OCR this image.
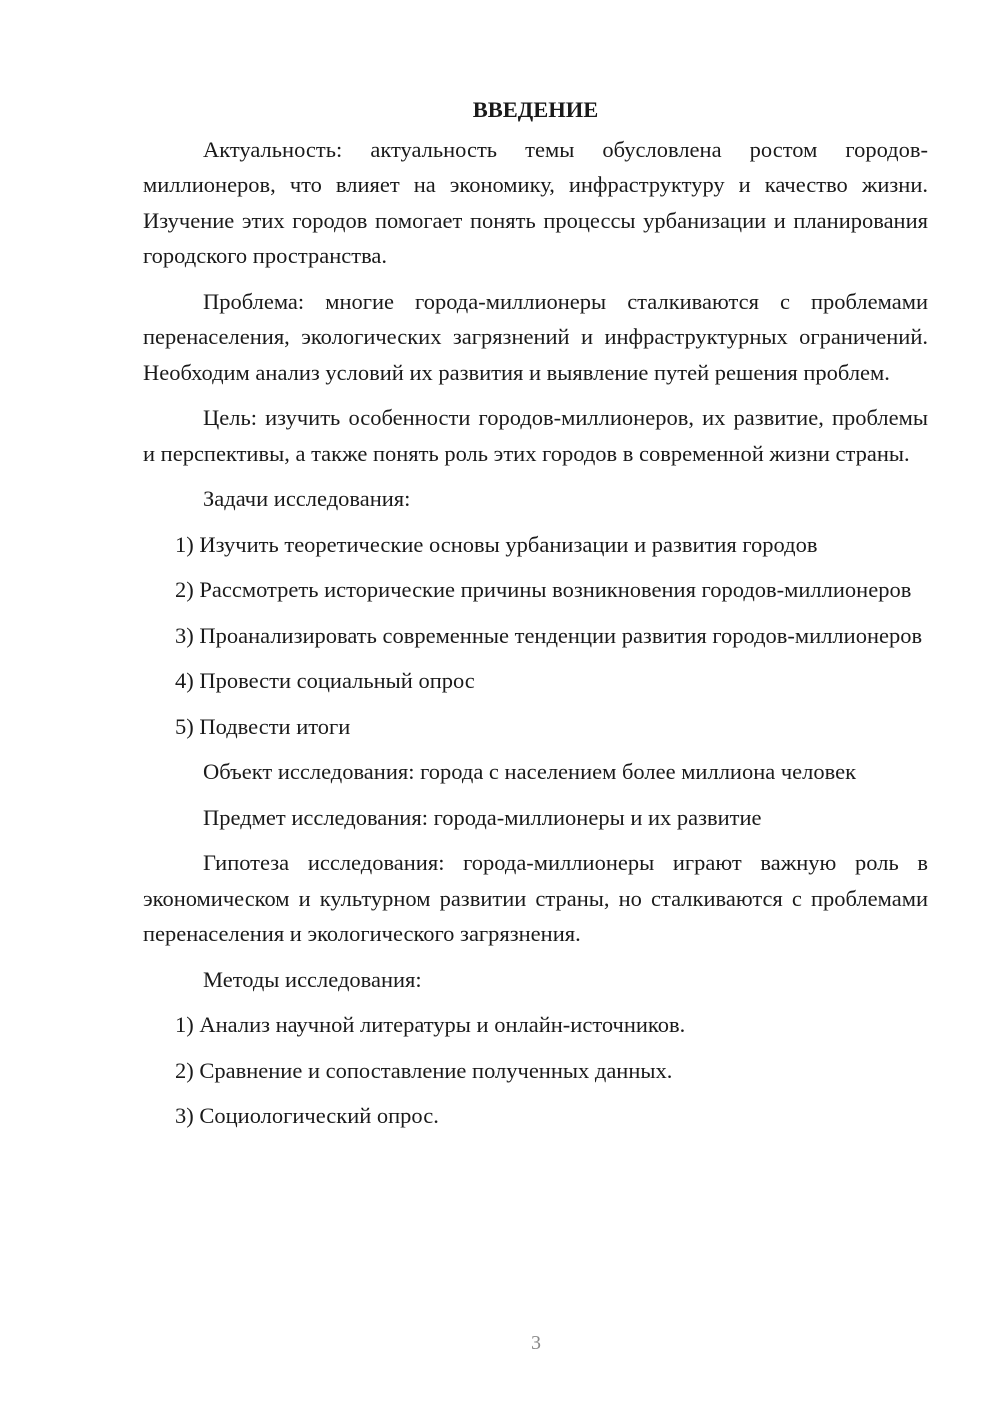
ВВЕДЕНИЕ

Актуальность: актуальность темы обусловлена ростом городов-миллионеров, что влияет на экономику, инфраструктуру и качество жизни. Изучение этих городов помогает понять процессы урбанизации и планирования городского пространства.

Проблема: многие города-миллионеры сталкиваются с проблемами перенаселения, экологических загрязнений и инфраструктурных ограничений. Необходим анализ условий их развития и выявление путей решения проблем.

Цель: изучить особенности городов-миллионеров, их развитие, проблемы и перспективы, а также понять роль этих городов в современной жизни страны.

Задачи исследования:

1) Изучить теоретические основы урбанизации и развития городов

2) Рассмотреть исторические причины возникновения городов-миллионеров

3) Проанализировать современные тенденции развития городов-миллионеров

4) Провести социальный опрос

5) Подвести итоги

Объект исследования: города с населением более миллиона человек

Предмет исследования: города-миллионеры и их развитие

Гипотеза исследования: города-миллионеры играют важную роль в экономическом и культурном развитии страны, но сталкиваются с проблемами перенаселения и экологического загрязнения.

Методы исследования:

1) Анализ научной литературы и онлайн-источников.

2) Сравнение и сопоставление полученных данных.

3) Социологический опрос.

3
